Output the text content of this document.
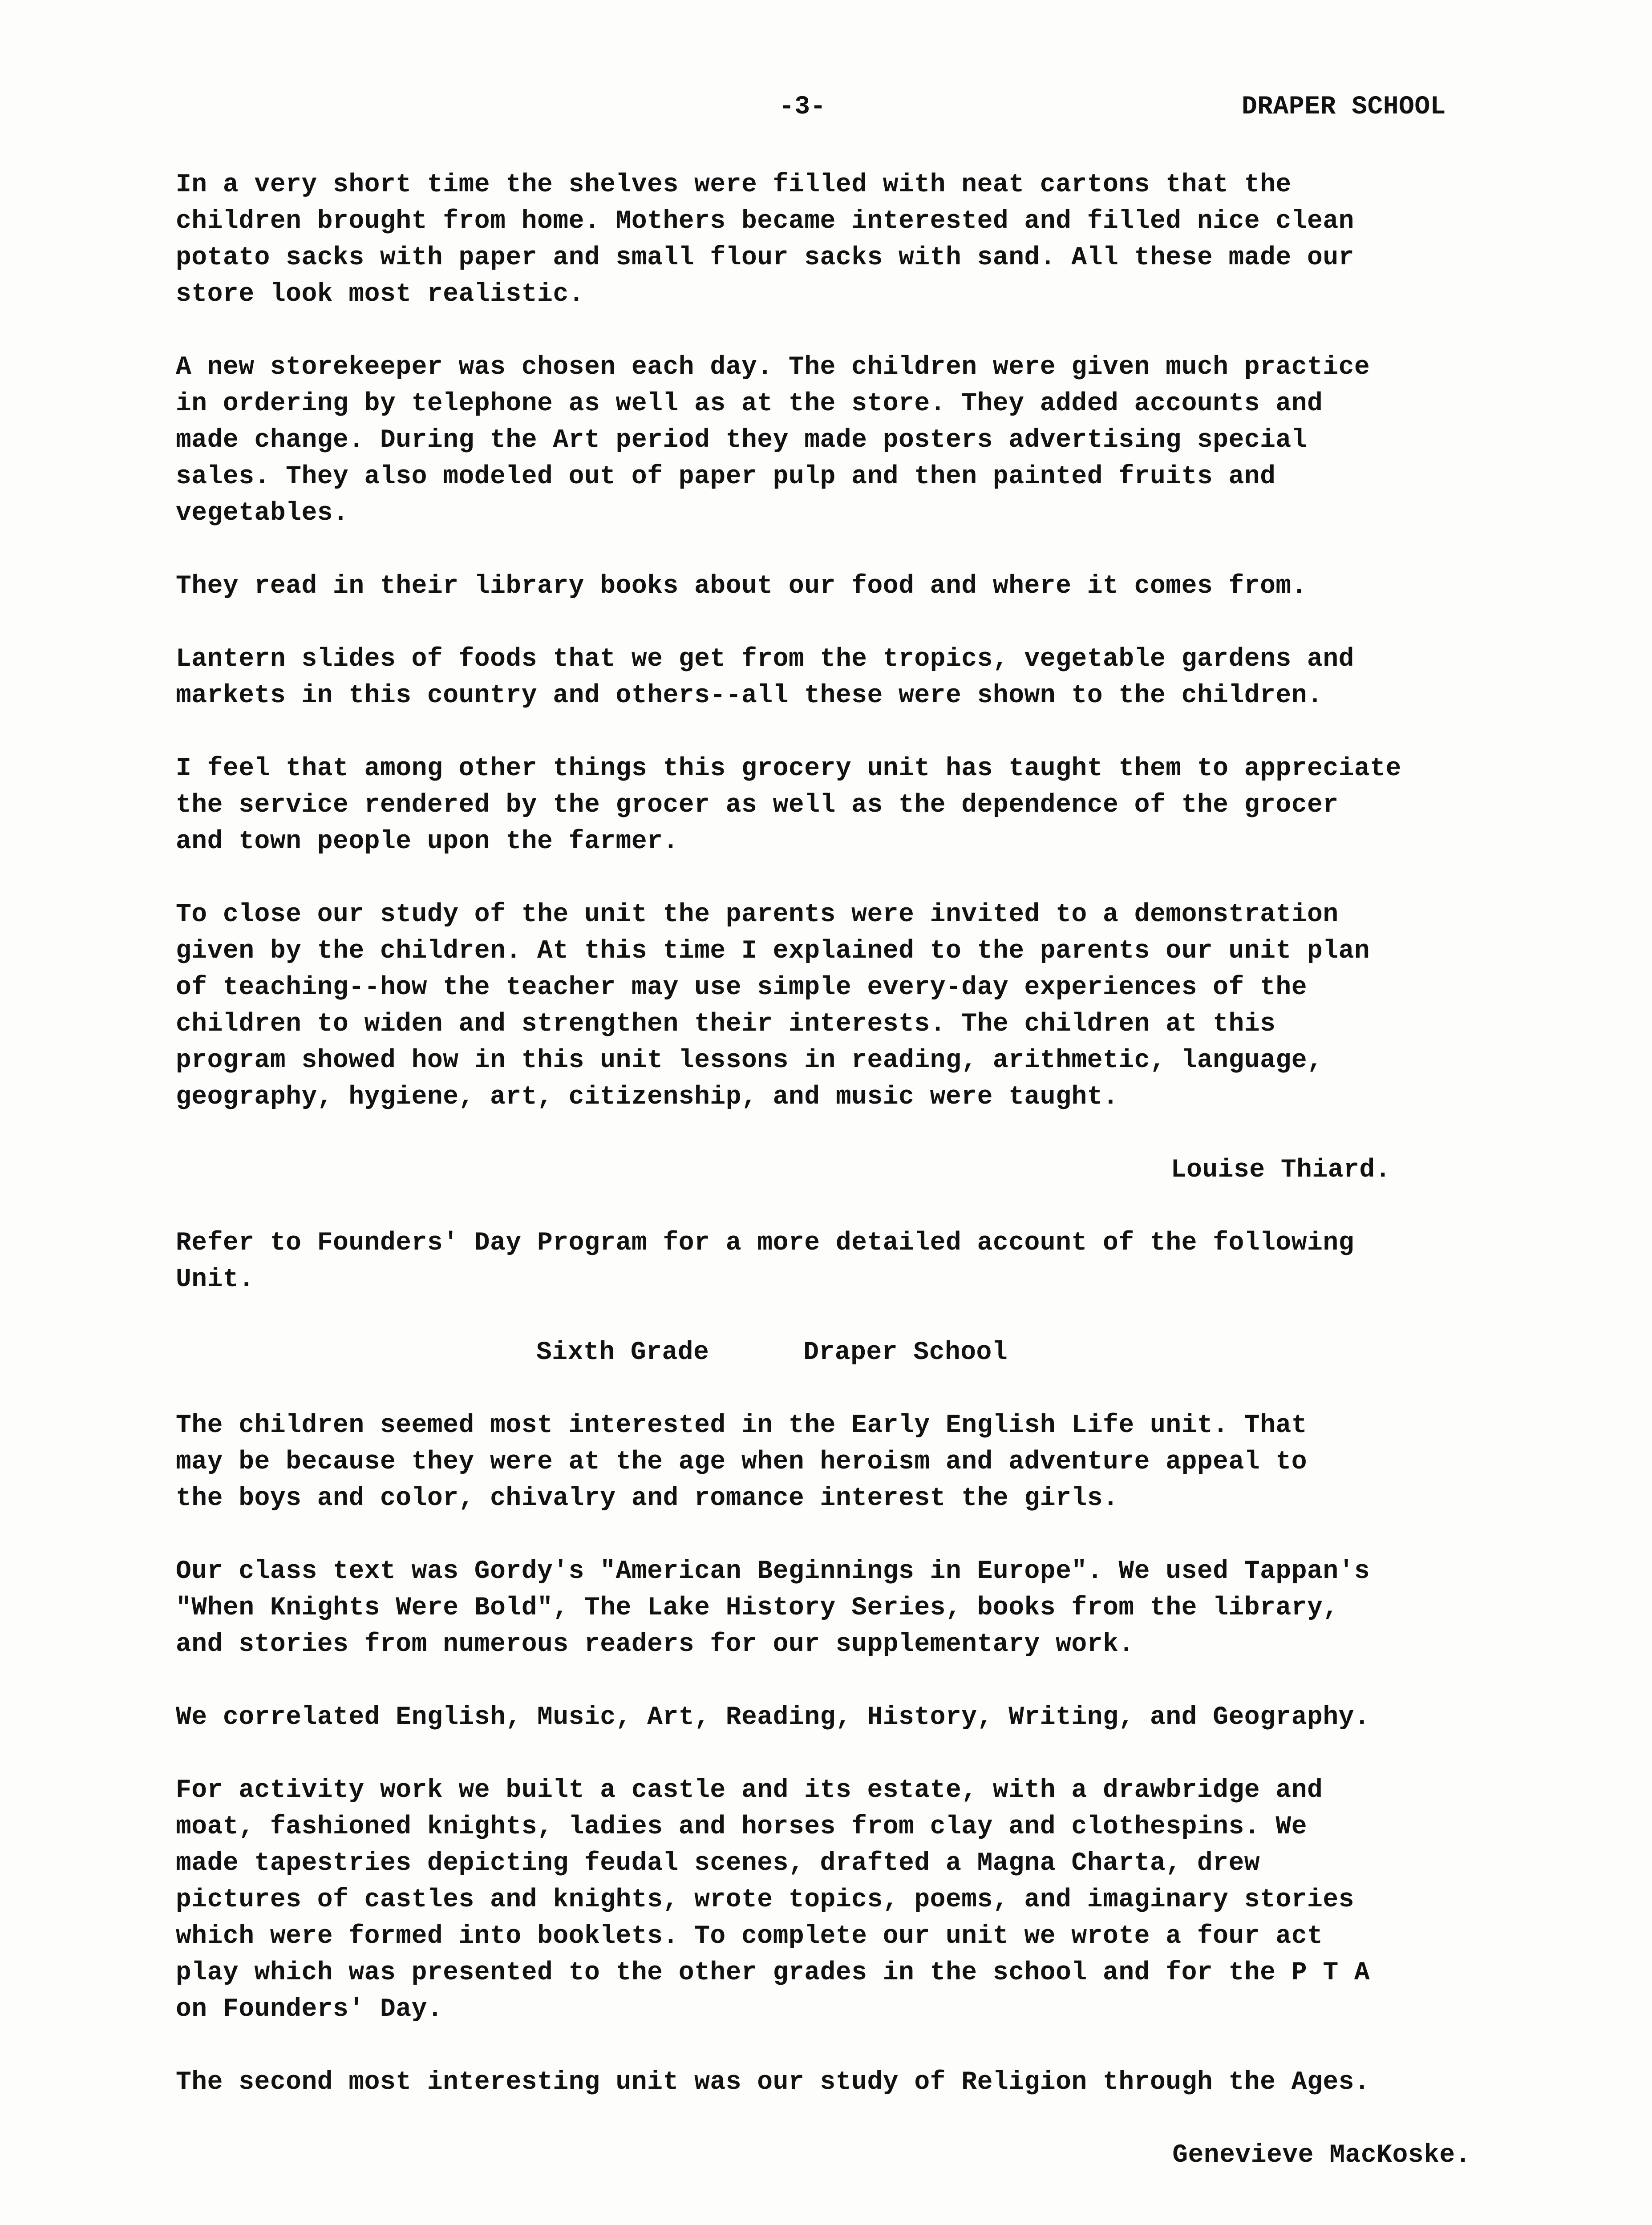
-3-	DRAPER SCHOOL

In a very short time the shelves were filled with neat cartons that the
children brought from home. Mothers became interested and filled nice clean
potato sacks with paper and small flour sacks with sand. All these made our
store look most realistic.

A new storekeeper was chosen each day. The children were given much practice
in ordering by telephone as well as at the store. They added accounts and
made change. During the Art period they made posters advertising special
sales. They also modeled out of paper pulp and then painted fruits and
vegetables.

They read in their library books about our food and where it comes from.

Lantern slides of foods that we get from the tropics, vegetable gardens and
markets in this country and others--all these were shown to the children.

I feel that among other things this grocery unit has taught them to appreciate
the service rendered by the grocer as well as the dependence of the grocer
and town people upon the farmer.

To close our study of the unit the parents were invited to a demonstration
given by the children. At this time I explained to the parents our unit plan
of teaching--how the teacher may use simple every-day experiences of the
children to widen and strengthen their interests. The children at this
program showed how in this unit lessons in reading, arithmetic, language,
geography, hygiene, art, citizenship, and music were taught.

Louise Thiard.

Refer to Founders' Day Program for a more detailed account of the following
Unit.

Sixth Grade      Draper School

The children seemed most interested in the Early English Life unit. That
may be because they were at the age when heroism and adventure appeal to
the boys and color, chivalry and romance interest the girls.

Our class text was Gordy's "American Beginnings in Europe". We used Tappan's
"When Knights Were Bold", The Lake History Series, books from the library,
and stories from numerous readers for our supplementary work.

We correlated English, Music, Art, Reading, History, Writing, and Geography.

For activity work we built a castle and its estate, with a drawbridge and
moat, fashioned knights, ladies and horses from clay and clothespins. We
made tapestries depicting feudal scenes, drafted a Magna Charta, drew
pictures of castles and knights, wrote topics, poems, and imaginary stories
which were formed into booklets. To complete our unit we wrote a four act
play which was presented to the other grades in the school and for the P T A
on Founders' Day.

The second most interesting unit was our study of Religion through the Ages.

Genevieve MacKoske.
